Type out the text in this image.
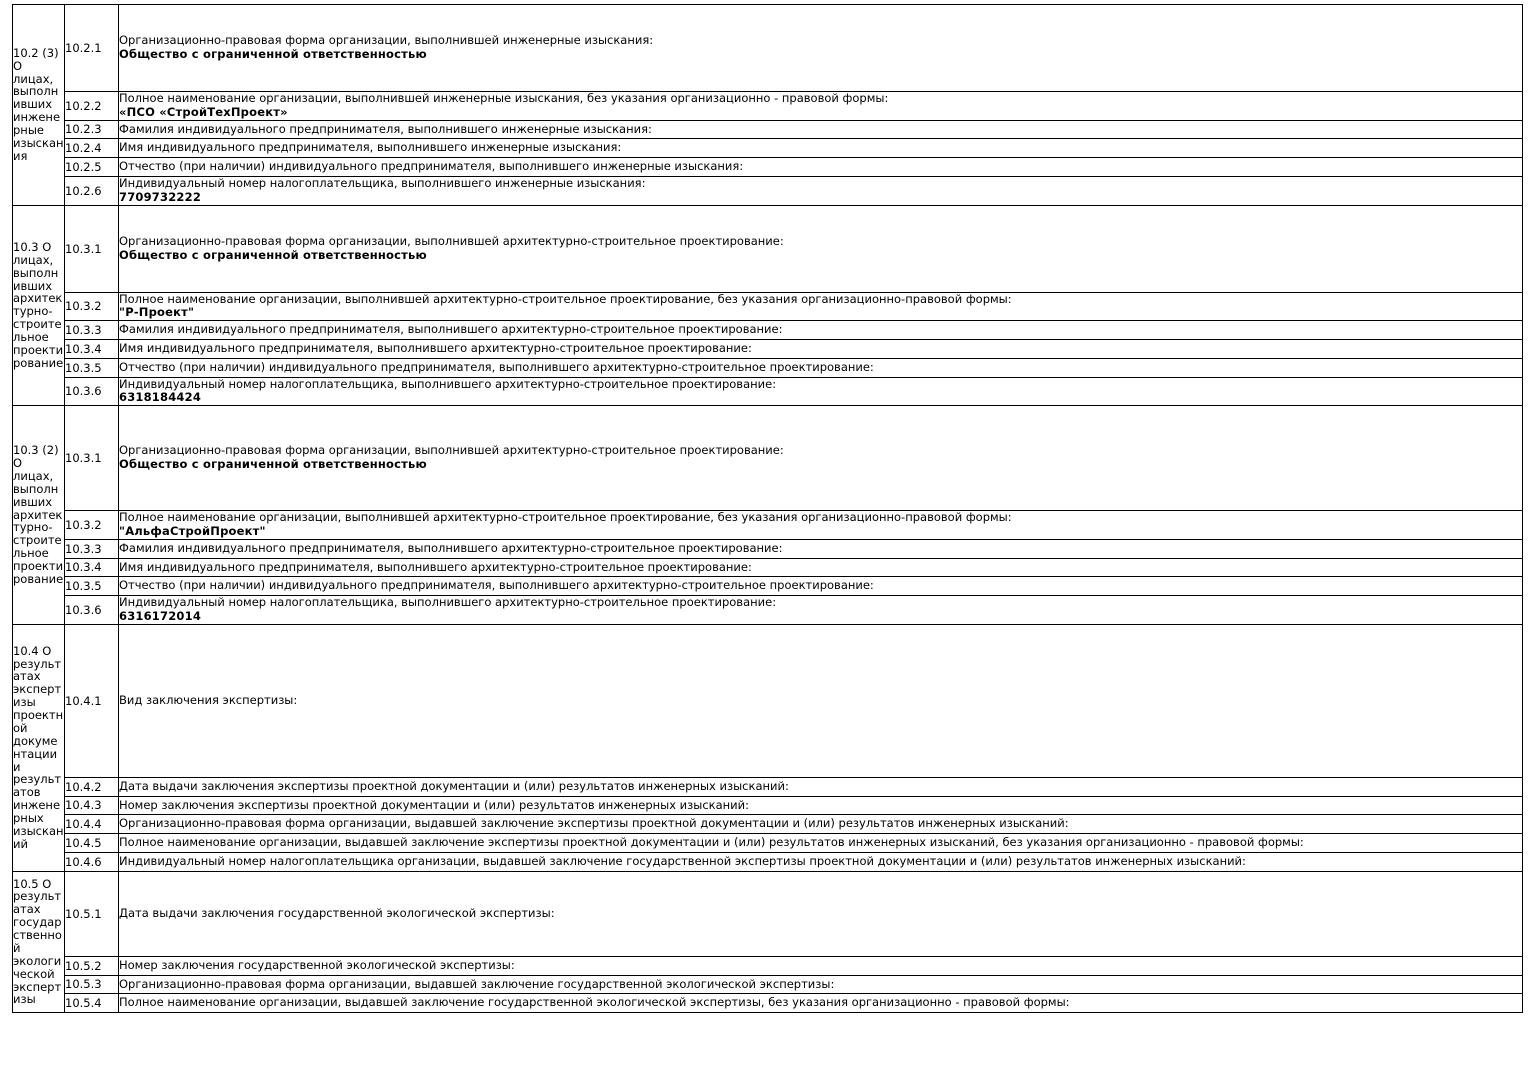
10.2 (3) О лицах, выполнивших инженерные изыскания	10.2.1	Организационно-правовая форма организации, выполнившей инженерные изыскания:
Общество с ограниченной ответственностью

	10.2.2	Полное наименование организации, выполнившей инженерные изыскания, без указания организационно - правовой формы:
«ПСО «СтройТехПроект»

	10.2.3	Фамилия индивидуального предпринимателя, выполнившего инженерные изыскания:

	10.2.4	Имя индивидуального предпринимателя, выполнившего инженерные изыскания:

	10.2.5	Отчество (при наличии) индивидуального предпринимателя, выполнившего инженерные изыскания:

	10.2.6	Индивидуальный номер налогоплательщика, выполнившего инженерные изыскания:
7709732222

10.3 О лицах, выполнивших архитектурно-строительное проектирование	10.3.1	Организационно-правовая форма организации, выполнившей архитектурно-строительное проектирование:
Общество с ограниченной ответственностью

	10.3.2	Полное наименование организации, выполнившей архитектурно-строительное проектирование, без указания организационно-правовой формы:
"Р-Проект"

	10.3.3	Фамилия индивидуального предпринимателя, выполнившего архитектурно-строительное проектирование:

	10.3.4	Имя индивидуального предпринимателя, выполнившего архитектурно-строительное проектирование:

	10.3.5	Отчество (при наличии) индивидуального предпринимателя, выполнившего архитектурно-строительное проектирование:

	10.3.6	Индивидуальный номер налогоплательщика, выполнившего архитектурно-строительное проектирование:
6318184424

10.3 (2) О лицах, выполнивших архитектурно-строительное проектирование	10.3.1	Организационно-правовая форма организации, выполнившей архитектурно-строительное проектирование:
Общество с ограниченной ответственностью

	10.3.2	Полное наименование организации, выполнившей архитектурно-строительное проектирование, без указания организационно-правовой формы:
"АльфаСтройПроект"

	10.3.3	Фамилия индивидуального предпринимателя, выполнившего архитектурно-строительное проектирование:

	10.3.4	Имя индивидуального предпринимателя, выполнившего архитектурно-строительное проектирование:

	10.3.5	Отчество (при наличии) индивидуального предпринимателя, выполнившего архитектурно-строительное проектирование:

	10.3.6	Индивидуальный номер налогоплательщика, выполнившего архитектурно-строительное проектирование:
6316172014

10.4 О результатах экспертизы проектной документации и результатов инженерных изысканий	10.4.1	Вид заключения экспертизы:

	10.4.2	Дата выдачи заключения экспертизы проектной документации и (или) результатов инженерных изысканий:

	10.4.3	Номер заключения экспертизы проектной документации и (или) результатов инженерных изысканий:

	10.4.4	Организационно-правовая форма организации, выдавшей заключение экспертизы проектной документации и (или) результатов инженерных изысканий:

	10.4.5	Полное наименование организации, выдавшей заключение экспертизы проектной документации и (или) результатов инженерных изысканий, без указания организационно - правовой формы:

	10.4.6	Индивидуальный номер налогоплательщика организации, выдавшей заключение государственной экспертизы проектной документации и (или) результатов инженерных изысканий:

10.5 О результатах государственной экологической экспертизы	10.5.1	Дата выдачи заключения государственной экологической экспертизы:

	10.5.2	Номер заключения государственной экологической экспертизы:

	10.5.3	Организационно-правовая форма организации, выдавшей заключение государственной экологической экспертизы:

	10.5.4	Полное наименование организации, выдавшей заключение государственной экологической экспертизы, без указания организационно - правовой формы:
